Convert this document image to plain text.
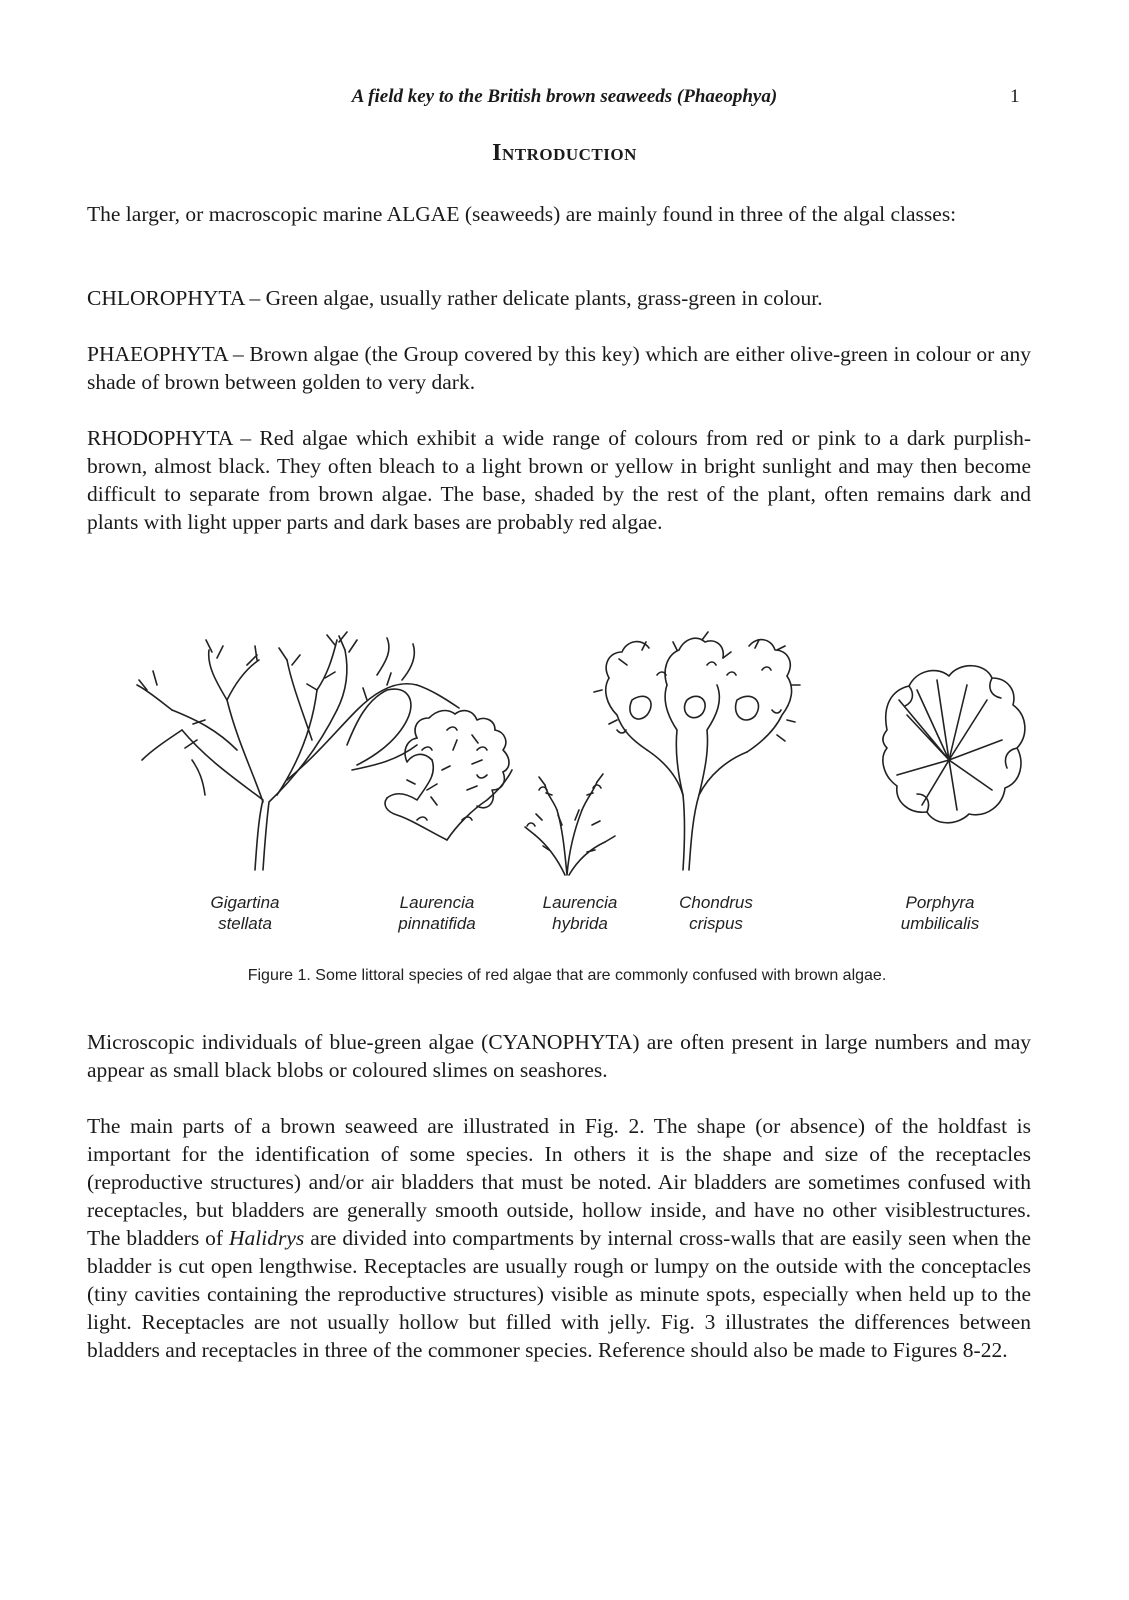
A field key to the British brown seaweeds (Phaeophya)	1
Introduction

The larger, or macroscopic marine ALGAE (seaweeds) are mainly found in three of the algal classes:

CHLOROPHYTA – Green algae, usually rather delicate plants, grass-green in colour.

PHAEOPHYTA – Brown algae (the Group covered by this key) which are either olive-green in colour or any shade of brown between golden to very dark.

RHODOPHYTA – Red algae which exhibit a wide range of colours from red or pink to a dark purplish-brown, almost black. They often bleach to a light brown or yellow in bright sunlight and may then become difficult to separate from brown algae. The base, shaded by the rest of the plant, often remains dark and plants with light upper parts and dark bases are probably red algae.

Gigartina
stellata
Laurencia
pinnatifida
Laurencia
hybrida
Chondrus
crispus
Porphyra
umbilicalis
Figure 1. Some littoral species of red algae that are commonly confused with brown algae.

Microscopic individuals of blue-green algae (CYANOPHYTA) are often present in large numbers and may appear as small black blobs or coloured slimes on seashores.

The main parts of a brown seaweed are illustrated in Fig. 2. The shape (or absence) of the holdfast is important for the identification of some species. In others it is the shape and size of the receptacles (reproductive structures) and/or air bladders that must be noted. Air bladders are sometimes confused with receptacles, but bladders are generally smooth outside, hollow inside, and have no other visiblestructures. The bladders of Halidrys are divided into compartments by internal cross-walls that are easily seen when the bladder is cut open lengthwise. Receptacles are usually rough or lumpy on the outside with the conceptacles (tiny cavities containing the reproductive structures) visible as minute spots, especially when held up to the light. Receptacles are not usually hollow but filled with jelly. Fig. 3 illustrates the differences between bladders and receptacles in three of the commoner species. Reference should also be made to Figures 8-22.
